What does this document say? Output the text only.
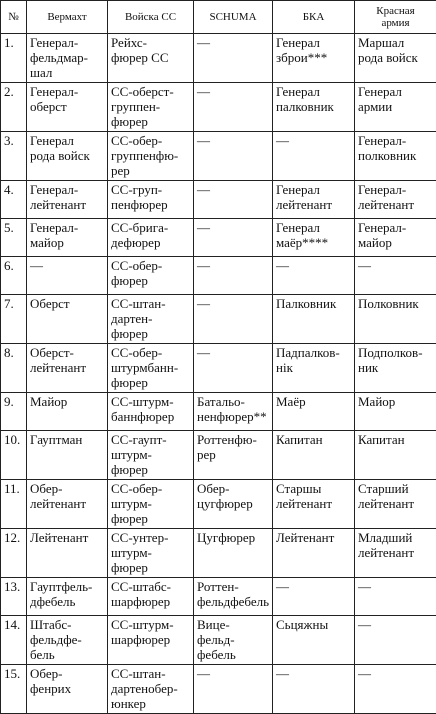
№	Вермахт	Войска СС	SCHUMA	БКА	Красная
армия
1.	Генерал-
фельдмар-
шал	Рейхс-
фюрер СС	—	Генерал
зброи***	Маршал
рода войск
2.	Генерал-
оберст	СС-оберст-
группен-
фюрер	—	Генерал
палковник	Генерал
армии
3.	Генерал
рода войск	СС-обер-
группенфю-
рер	—	—	Генерал-
полковник
4.	Генерал-
лейтенант	СС-груп-
пенфюрер	—	Генерал
лейтенант	Генерал-
лейтенант
5.	Генерал-
майор	СС-брига-
дефюрер	—	Генерал
маёр****	Генерал-
майор
6.	—	СС-обер-
фюрер	—	—	—
7.	Оберст	СС-штан-
дартен-
фюрер	—	Палковник	Полковник
8.	Оберст-
лейтенант	СС-обер-
штурмбанн-
фюрер	—	Падпалков-
нік	Подполков-
ник
9.	Майор	СС-штурм-
баннфюрер	Батальо-
ненфюрер**	Маёр	Майор
10.	Гауптман	СС-гаупт-
штурм-
фюрер	Роттенфю-
рер	Капитан	Капитан
11.	Обер-
лейтенант	СС-обер-
штурм-
фюрер	Обер-
цугфюрер	Старшы
лейтенант	Старший
лейтенант
12.	Лейтенант	СС-унтер-
штурм-
фюрер	Цугфюрер	Лейтенант	Младший
лейтенант
13.	Гауптфель-
дфебель	СС-штабс-
шарфюрер	Роттен-
фельдфебель	—	—
14.	Штабс-
фельдфе-
бель	СС-штурм-
шарфюрер	Вице-
фельд-
фебель	Сьцяжны	—
15.	Обер-
фенрих	СС-штан-
дартенобер-
юнкер	—	—	—
